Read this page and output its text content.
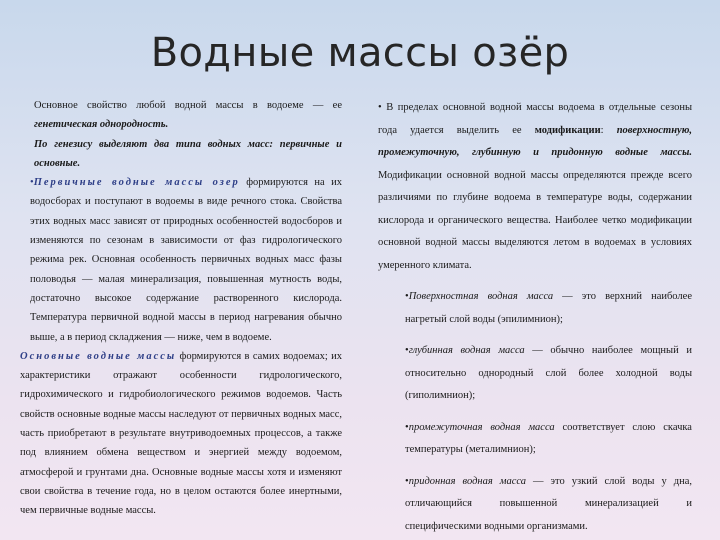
Водные массы озёр

Основное свойство любой водной массы в водоеме — ее генетическая однородность.

По генезису выделяют два типа водных масс: первичные и основные.

•Первичные водные массы озер формируются на их водосборах и поступают в водоемы в виде речного стока. Свойства этих водных масс зависят от природных особенностей водосборов и изменяются по сезонам в зависимости от фаз гидрологического режима рек. Основная особенность первичных водных масс фазы половодья — малая минерализация, повышенная мутность воды, достаточно высокое содержание растворенного кислорода. Температура первичной водной массы в период нагревания обычно выше, а в период складжения — ниже, чем в водоеме.

Основные водные массы формируются в самих водоемах; их характеристики отражают особенности гидрологического, гидрохимического и гидробиологического режимов водоемов. Часть свойств основные водные массы наследуют от первичных водных масс, часть приобретают в результате внутриводоемных процессов, а также под влиянием обмена веществом и энергией между водоемом, атмосферой и грунтами дна. Основные водные массы хотя и изменяют свои свойства в течение года, но в целом остаются более инертными, чем первичные водные массы.

• В пределах основной водной массы водоема в отдельные сезоны года удается выделить ее модификации: поверхностную, промежуточную, глубинную и придонную водные массы. Модификации основной водной массы определяются прежде всего различиями по глубине водоема в температуре воды, содержании кислорода и органического вещества. Наиболее четко модификации основной водной массы выделяются летом в водоемах в условиях умеренного климата.

•Поверхностная водная масса — это верхний наиболее нагретый слой воды (эпилимнион);

•глубинная водная масса — обычно наиболее мощный и относительно однородный слой более холодной воды (гиполимнион);

•промежуточная водная масса соответствует слою скачка температуры (металимнион);

•придонная водная масса — это узкий слой воды у дна, отличающийся повышенной минерализацией и специфическими водными организмами.
